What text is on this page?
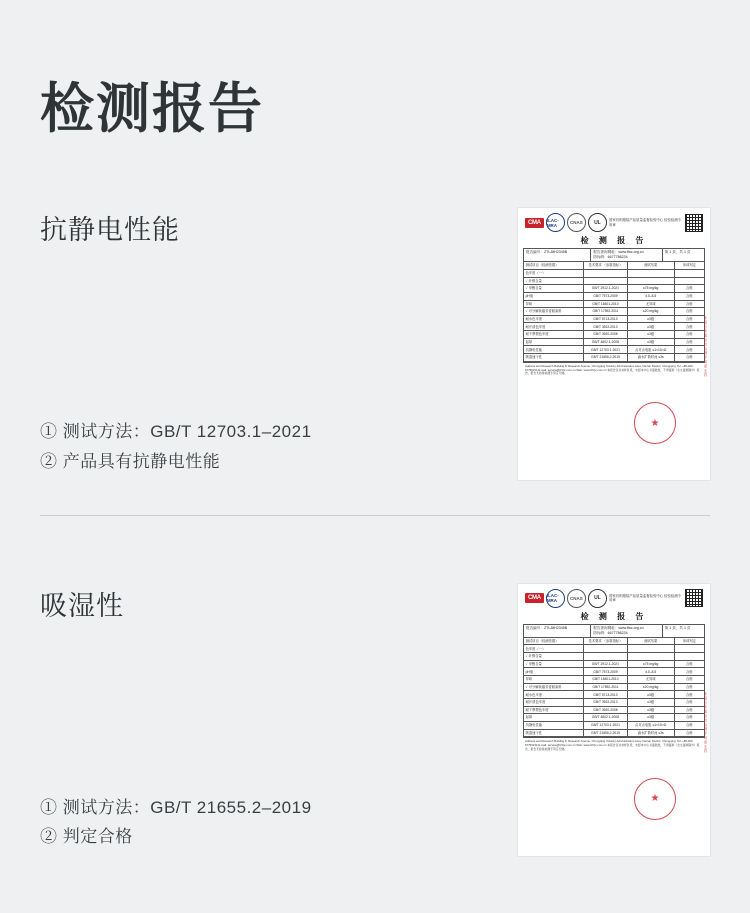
检测报告
抗静电性能
① 测试方法：GB/T 12703.1–2021
② 产品具有抗静电性能
CMA	ILAC-MRA	CNAS	UL	国家纺织服装产品质量监督检验中心 检验检测专用章
检 测 报 告
报告编号：ZTLJ8H2345B	报告查询网址：www.ftsc.org.cn
防伪码：6677786234
第 1 页，共 1 页
测试项目（检测依据）	技术要求 （参数指标）	测试结果	单项判定
色牢度（一）			
✓ 纤维含量			
✓ 甲醛含量	GB/T 2912.1-2021	≤75 mg/kg	合格
pH值	GB/T 7573-2009	4.0–8.5	合格
异味	GB/T 18401-2010	无异味	合格
✓ 可分解致癌芳香胺染料	GB/T 17592-2011	≤20 mg/kg	合格
耐水色牢度	GB/T 5713-2013	≥3级	合格
耐汗渍色牢度	GB/T 3922-2013	≥3级	合格
耐干摩擦色牢度	GB/T 3920-2008	≥3级	合格
起球	GB/T 4802.1-2008	≥3级	合格
抗静电性能	GB/T 12703.1-2021	点对点电阻 ≤1×10¹¹Ω	合格
吸湿速干性	GB/T 21655.2-2019	滴水扩散时间 ≤3s	合格
Address and Research Building 8, Research Avenue, Chongqing Industry Administration Area, Nan'an District, Chongqing. Tel: +86-023-67756234 E-mail: service@fzfzjc.com.cn Web: www.fzfzjc.com.cn 本报告仅对来样负责，未经本中心书面批准，不得复制（全文复制除外）报告，报告无检验检测专用章无效。
★
本报告未盖检验检测专用章无效
吸湿性
① 测试方法：GB/T 21655.2–2019
② 判定合格
CMA	ILAC-MRA	CNAS	UL	国家纺织服装产品质量监督检验中心 检验检测专用章
检 测 报 告
报告编号：ZTLJ8H2345B	报告查询网址：www.ftsc.org.cn
防伪码：6677786234
第 1 页，共 1 页
测试项目（检测依据）	技术要求 （参数指标）	测试结果	单项判定
色牢度（一）			
✓ 纤维含量			
✓ 甲醛含量	GB/T 2912.1-2021	≤75 mg/kg	合格
pH值	GB/T 7573-2009	4.0–8.5	合格
异味	GB/T 18401-2010	无异味	合格
✓ 可分解致癌芳香胺染料	GB/T 17592-2011	≤20 mg/kg	合格
耐水色牢度	GB/T 5713-2013	≥3级	合格
耐汗渍色牢度	GB/T 3922-2013	≥3级	合格
耐干摩擦色牢度	GB/T 3920-2008	≥3级	合格
起球	GB/T 4802.1-2008	≥3级	合格
抗静电性能	GB/T 12703.1-2021	点对点电阻 ≤1×10¹¹Ω	合格
吸湿速干性	GB/T 21655.2-2019	滴水扩散时间 ≤3s	合格
Address and Research Building 8, Research Avenue, Chongqing Industry Administration Area, Nan'an District, Chongqing. Tel: +86-023-67756234 E-mail: service@fzfzjc.com.cn Web: www.fzfzjc.com.cn 本报告仅对来样负责，未经本中心书面批准，不得复制（全文复制除外）报告，报告无检验检测专用章无效。
★
本报告未盖检验检测专用章无效
